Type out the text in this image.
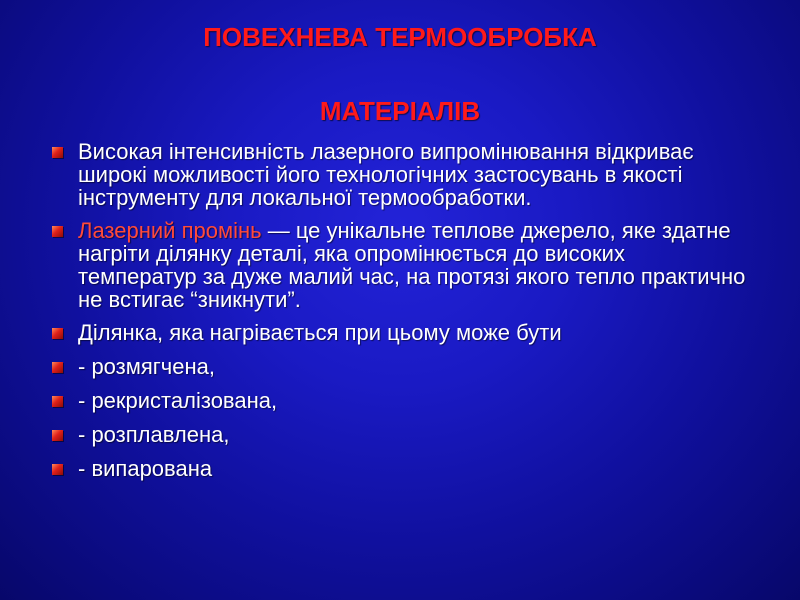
ПОВЕХНЕВА ТЕРМООБРОБКА
МАТЕРІАЛІВ
Високая інтенсивність лазерного випромінювання відкриває широкі можливості його технологічних застосувань в якості інструменту для локальної термообработки.
Лазерний промінь — це унікальне теплове джерело, яке здатне нагріти ділянку деталі, яка опромінюється до високих температур за дуже малий час, на протязі якого тепло практично не встигає “зникнути”.
Ділянка, яка нагрівається при цьому може бути
- розмягчена,
- рекристалізована,
- розплавлена,
- випарована
